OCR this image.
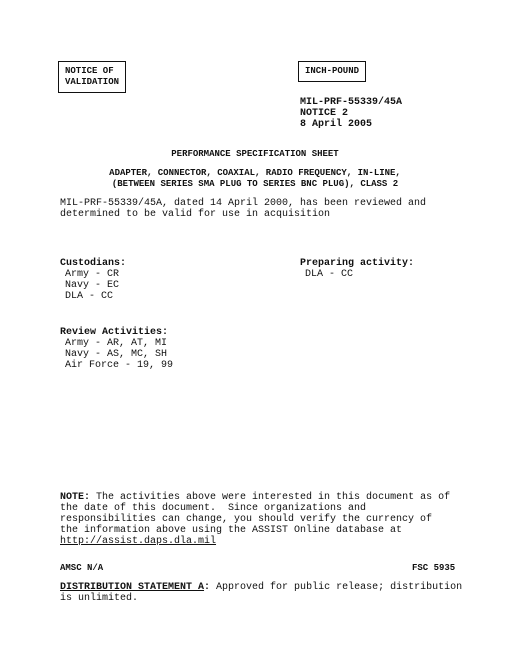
NOTICE OF
VALIDATION
INCH-POUND
MIL-PRF-55339/45A
NOTICE 2
8 April 2005
PERFORMANCE SPECIFICATION SHEET
ADAPTER, CONNECTOR, COAXIAL, RADIO FREQUENCY, IN-LINE,
(BETWEEN SERIES SMA PLUG TO SERIES BNC PLUG), CLASS 2
MIL-PRF-55339/45A, dated 14 April 2000, has been reviewed and
determined to be valid for use in acquisition
Custodians:
Army - CR
Navy - EC
DLA - CC
Preparing activity:
DLA - CC
Review Activities:
Army - AR, AT, MI
Navy - AS, MC, SH
Air Force - 19, 99
NOTE: The activities above were interested in this document as of
the date of this document.  Since organizations and
responsibilities can change, you should verify the currency of
the information above using the ASSIST Online database at
http://assist.daps.dla.mil
AMSC N/A	FSC 5935
DISTRIBUTION STATEMENT A: Approved for public release; distribution
is unlimited.
